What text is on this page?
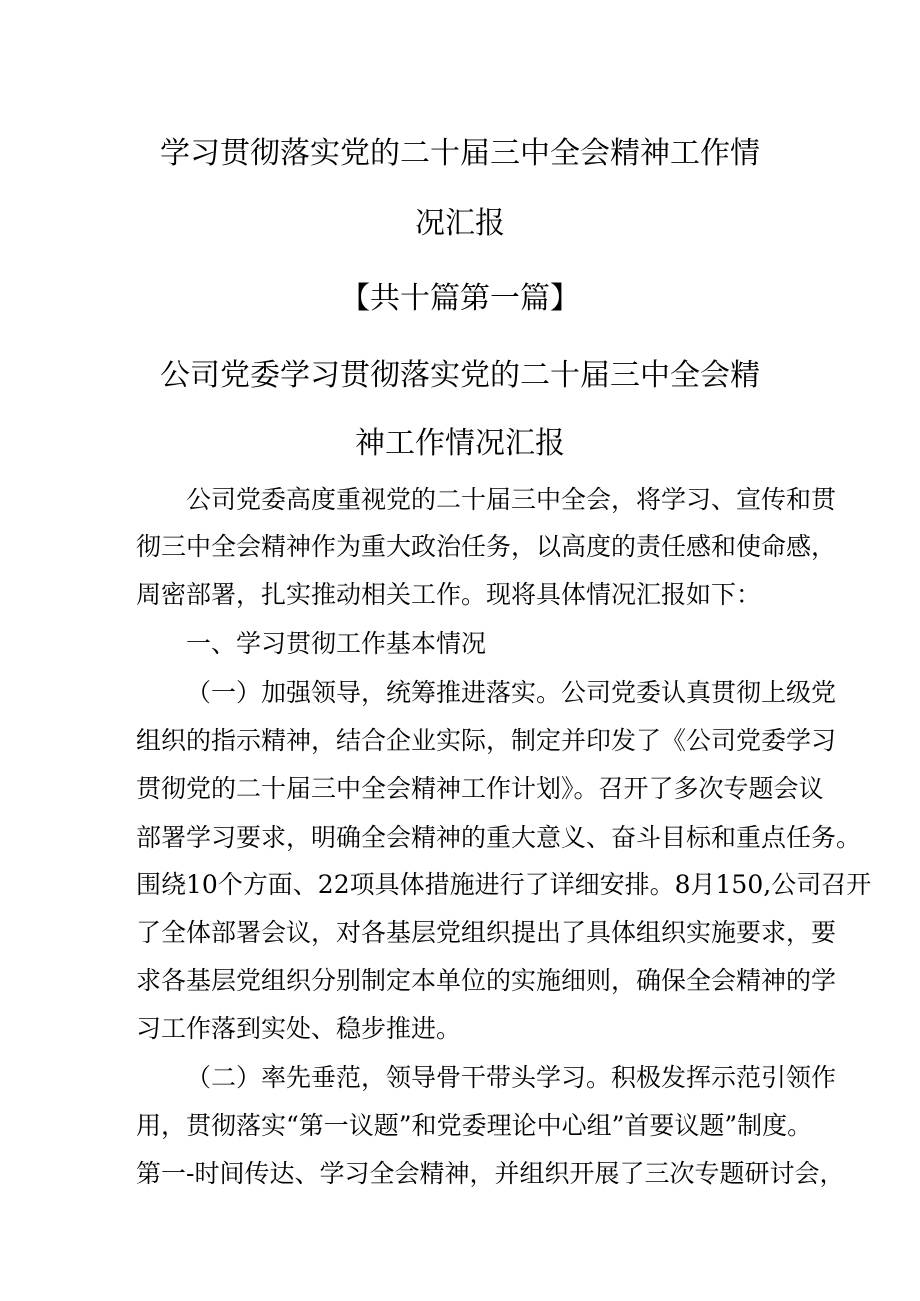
学习贯彻落实党的二十届三中全会精神工作情
况汇报
【共十篇第一篇】
公司党委学习贯彻落实党的二十届三中全会精
神工作情况汇报
公司党委高度重视党的二十届三中全会，将学习、宣传和贯
彻三中全会精神作为重大政治任务，以高度的责任感和使命感，
周密部署，扎实推动相关工作。现将具体情况汇报如下：
一、学习贯彻工作基本情况
（一）加强领导，统筹推进落实。公司党委认真贯彻上级党
组织的指示精神，结合企业实际，制定并印发了《公司党委学习
贯彻党的二十届三中全会精神工作计划》。召开了多次专题会议
部署学习要求，明确全会精神的重大意义、奋斗目标和重点任务。
围绕10个方面、22项具体措施进行了详细安排。8月150,公司召开
了全体部署会议，对各基层党组织提出了具体组织实施要求，要
求各基层党组织分别制定本单位的实施细则，确保全会精神的学
习工作落到实处、稳步推进。
（二）率先垂范，领导骨干带头学习。积极发挥示范引领作
用，贯彻落实“第一议题”和党委理论中心组”首要议题”制度。
第一-时间传达、学习全会精神，并组织开展了三次专题研讨会，
